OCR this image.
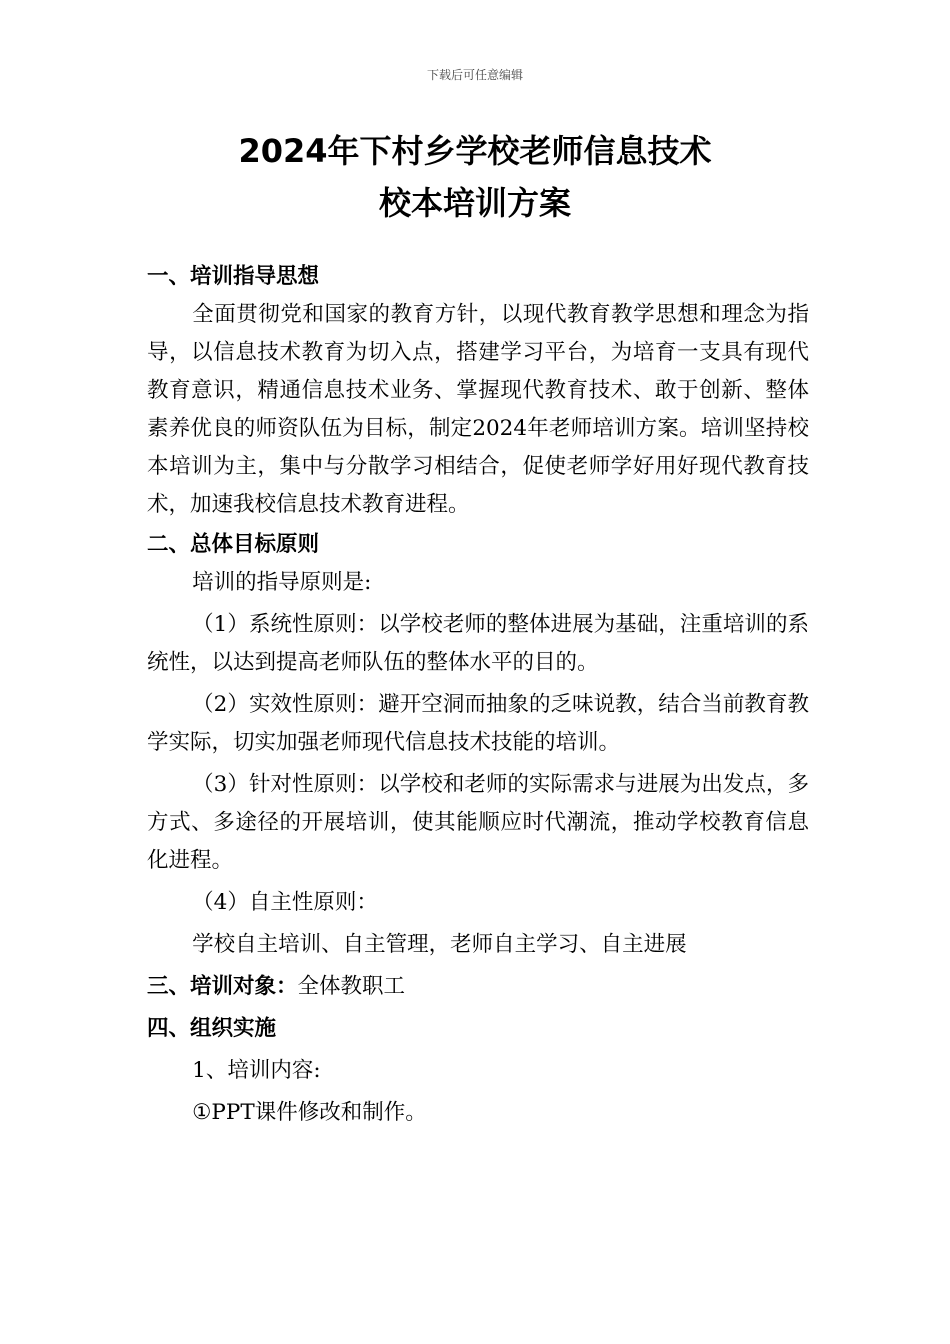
下载后可任意编辑
2024年下村乡学校老师信息技术
校本培训方案

一、培训指导思想

全面贯彻党和国家的教育方针，以现代教育教学思想和理念为指导，以信息技术教育为切入点，搭建学习平台，为培育一支具有现代教育意识，精通信息技术业务、掌握现代教育技术、敢于创新、整体素养优良的师资队伍为目标，制定2024年老师培训方案。培训坚持校本培训为主，集中与分散学习相结合，促使老师学好用好现代教育技术，加速我校信息技术教育进程。

二、总体目标原则

培训的指导原则是:

（1）系统性原则：以学校老师的整体进展为基础，注重培训的系统性，以达到提高老师队伍的整体水平的目的。

（2）实效性原则：避开空洞而抽象的乏味说教，结合当前教育教学实际，切实加强老师现代信息技术技能的培训。

（3）针对性原则：以学校和老师的实际需求与进展为出发点，多方式、多途径的开展培训，使其能顺应时代潮流，推动学校教育信息化进程。

（4）自主性原则：

学校自主培训、自主管理，老师自主学习、自主进展

三、培训对象：全体教职工

四、组织实施

1、培训内容:

①PPT课件修改和制作。
